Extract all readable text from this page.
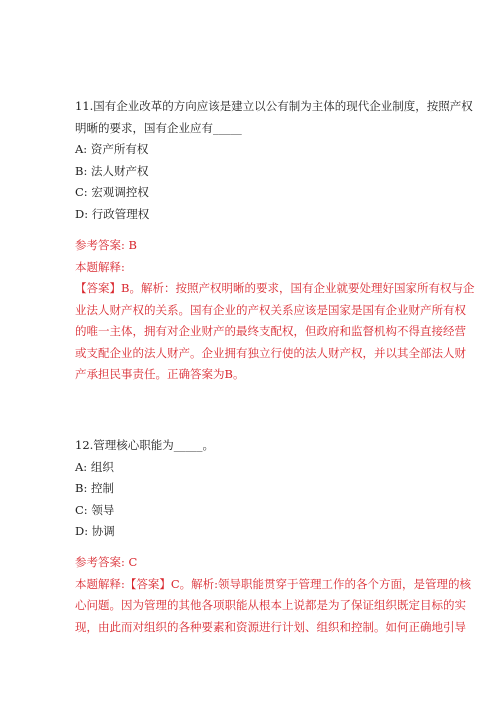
11.国有企业改革的方向应该是建立以公有制为主体的现代企业制度，按照产权
明晰的要求，国有企业应有_____
A: 资产所有权
B: 法人财产权
C: 宏观调控权
D: 行政管理权
参考答案: B
本题解释:
【答案】B。解析：按照产权明晰的要求，国有企业就要处理好国家所有权与企
业法人财产权的关系。国有企业的产权关系应该是国家是国有企业财产所有权
的唯一主体，拥有对企业财产的最终支配权，但政府和监督机构不得直接经营
或支配企业的法人财产。企业拥有独立行使的法人财产权，并以其全部法人财
产承担民事责任。正确答案为B。
12.管理核心职能为_____。
A: 组织
B: 控制
C: 领导
D: 协调
参考答案: C
本题解释:【答案】C。解析:领导职能贯穿于管理工作的各个方面，是管理的核
心问题。因为管理的其他各项职能从根本上说都是为了保证组织既定目标的实
现，由此而对组织的各种要素和资源进行计划、组织和控制。如何正确地引导
